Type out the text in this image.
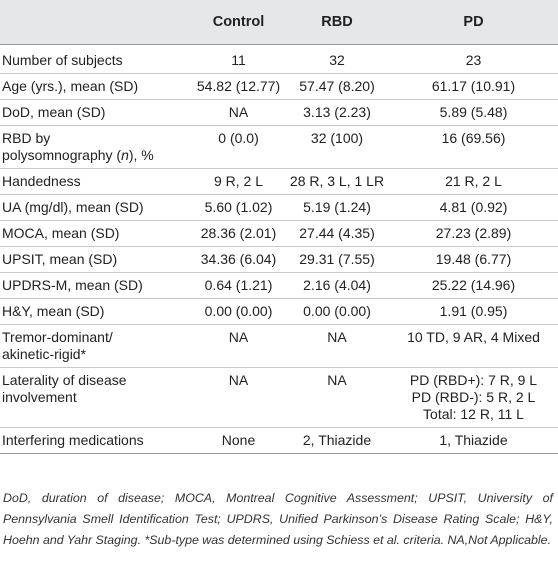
	Control	RBD	PD

Number of subjects	11	32	23
Age (yrs.), mean (SD)	54.82 (12.77)	57.47 (8.20)	61.17 (10.91)
DoD, mean (SD)	NA	3.13 (2.23)	5.89 (5.48)
RBD by
polysomnography (n), %	0 (0.0)	32 (100)	16 (69.56)
Handedness	9 R, 2 L	28 R, 3 L, 1 LR	21 R, 2 L
UA (mg/dl), mean (SD)	5.60 (1.02)	5.19 (1.24)	4.81 (0.92)
MOCA, mean (SD)	28.36 (2.01)	27.44 (4.35)	27.23 (2.89)
UPSIT, mean (SD)	34.36 (6.04)	29.31 (7.55)	19.48 (6.77)
UPDRS-M, mean (SD)	0.64 (1.21)	2.16 (4.04)	25.22 (14.96)
H&Y, mean (SD)	0.00 (0.00)	0.00 (0.00)	1.91 (0.95)
Tremor-dominant/
akinetic-rigid*	NA	NA	10 TD, 9 AR, 4 Mixed
Laterality of disease
involvement	NA	NA	PD (RBD+): 7 R, 9 L
PD (RBD-): 5 R, 2 L
Total: 12 R, 11 L
Interfering medications	None	2, Thiazide	1, Thiazide
DoD, duration of disease; MOCA, Montreal Cognitive Assessment; UPSIT, University of Pennsylvania Smell Identification Test; UPDRS, Unified Parkinson’s Disease Rating Scale; H&Y, Hoehn and Yahr Staging. *Sub-type was determined using Schiess et al. criteria. NA,Not Applicable.
